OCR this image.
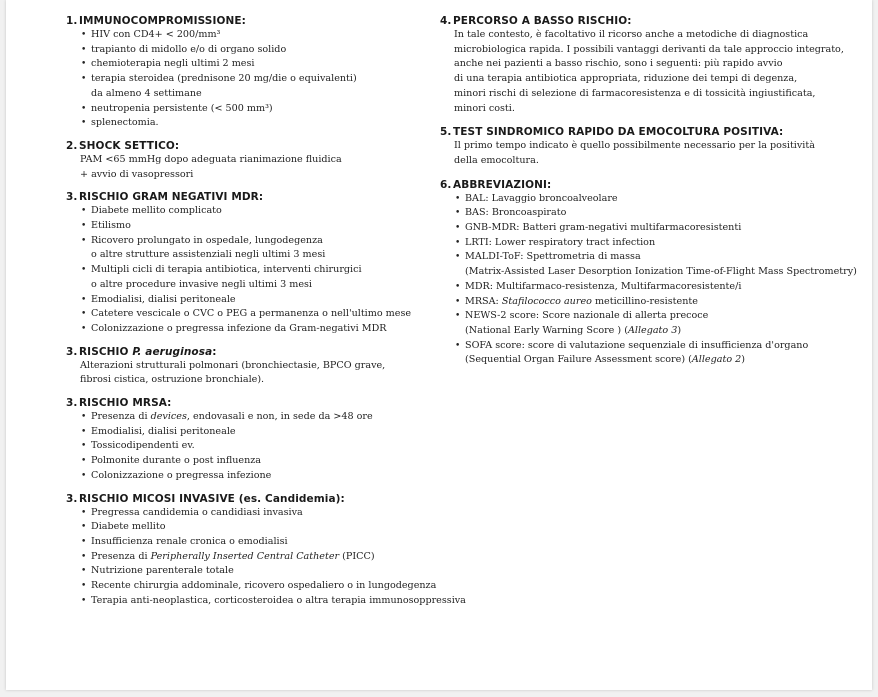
1. IMMUNOCOMPROMISSIONE:
• HIV con CD4+ < 200/mm³
• trapianto di midollo e/o di organo solido
• chemioterapia negli ultimi 2 mesi
• terapia steroidea (prednisone 20 mg/die o equivalenti)
da almeno 4 settimane
• neutropenia persistente (< 500 mm³)
• splenectomia.
2. SHOCK SETTICO:
PAM <65 mmHg dopo adeguata rianimazione fluidica
+ avvio di vasopressori
3. RISCHIO GRAM NEGATIVI MDR:
• Diabete mellito complicato
• Etilismo
• Ricovero prolungato in ospedale, lungodegenza
o altre strutture assistenziali negli ultimi 3 mesi
• Multipli cicli di terapia antibiotica, interventi chirurgici
o altre procedure invasive negli ultimi 3 mesi
• Emodialisi, dialisi peritoneale
• Catetere vescicale o CVC o PEG a permanenza o nell'ultimo mese
• Colonizzazione o pregressa infezione da Gram-negativi MDR
3. RISCHIO P. aeruginosa:
Alterazioni strutturali polmonari (bronchiectasie, BPCO grave,
fibrosi cistica, ostruzione bronchiale).
3. RISCHIO MRSA:
• Presenza di devices, endovasali e non, in sede da >48 ore
• Emodialisi, dialisi peritoneale
• Tossicodipendenti ev.
• Polmonite durante o post influenza
• Colonizzazione o pregressa infezione
3. RISCHIO MICOSI INVASIVE (es. Candidemia):
• Pregressa candidemia o candidiasi invasiva
• Diabete mellito
• Insufficienza renale cronica o emodialisi
• Presenza di Peripherally Inserted Central Catheter (PICC)
• Nutrizione parenterale totale
• Recente chirurgia addominale, ricovero ospedaliero o in lungodegenza
• Terapia anti-neoplastica, corticosteroidea o altra terapia immunosoppressiva
4. PERCORSO A BASSO RISCHIO:
In tale contesto, è facoltativo il ricorso anche a metodiche di diagnostica
microbiologica rapida. I possibili vantaggi derivanti da tale approccio integrato,
anche nei pazienti a basso rischio, sono i seguenti: più rapido avvio
di una terapia antibiotica appropriata, riduzione dei tempi di degenza,
minori rischi di selezione di farmacoresistenza e di tossicità ingiustificata,
minori costi.
5. TEST SINDROMICO RAPIDO DA EMOCOLTURA POSITIVA:
Il primo tempo indicato è quello possibilmente necessario per la positività
della emocoltura.
6. ABBREVIAZIONI:
• BAL: Lavaggio broncoalveolare
• BAS: Broncoaspirato
• GNB-MDR: Batteri gram-negativi multifarmacoresistenti
• LRTI: Lower respiratory tract infection
• MALDI-ToF: Spettrometria di massa
(Matrix-Assisted Laser Desorption Ionization Time-of-Flight Mass Spectrometry)
• MDR: Multifarmaco-resistenza, Multifarmacoresistente/i
• MRSA: Stafilococco aureo meticillino-resistente
• NEWS-2 score: Score nazionale di allerta precoce
(National Early Warning Score ) (Allegato 3)
• SOFA score: score di valutazione sequenziale di insufficienza d'organo
(Sequential Organ Failure Assessment score) (Allegato 2)
